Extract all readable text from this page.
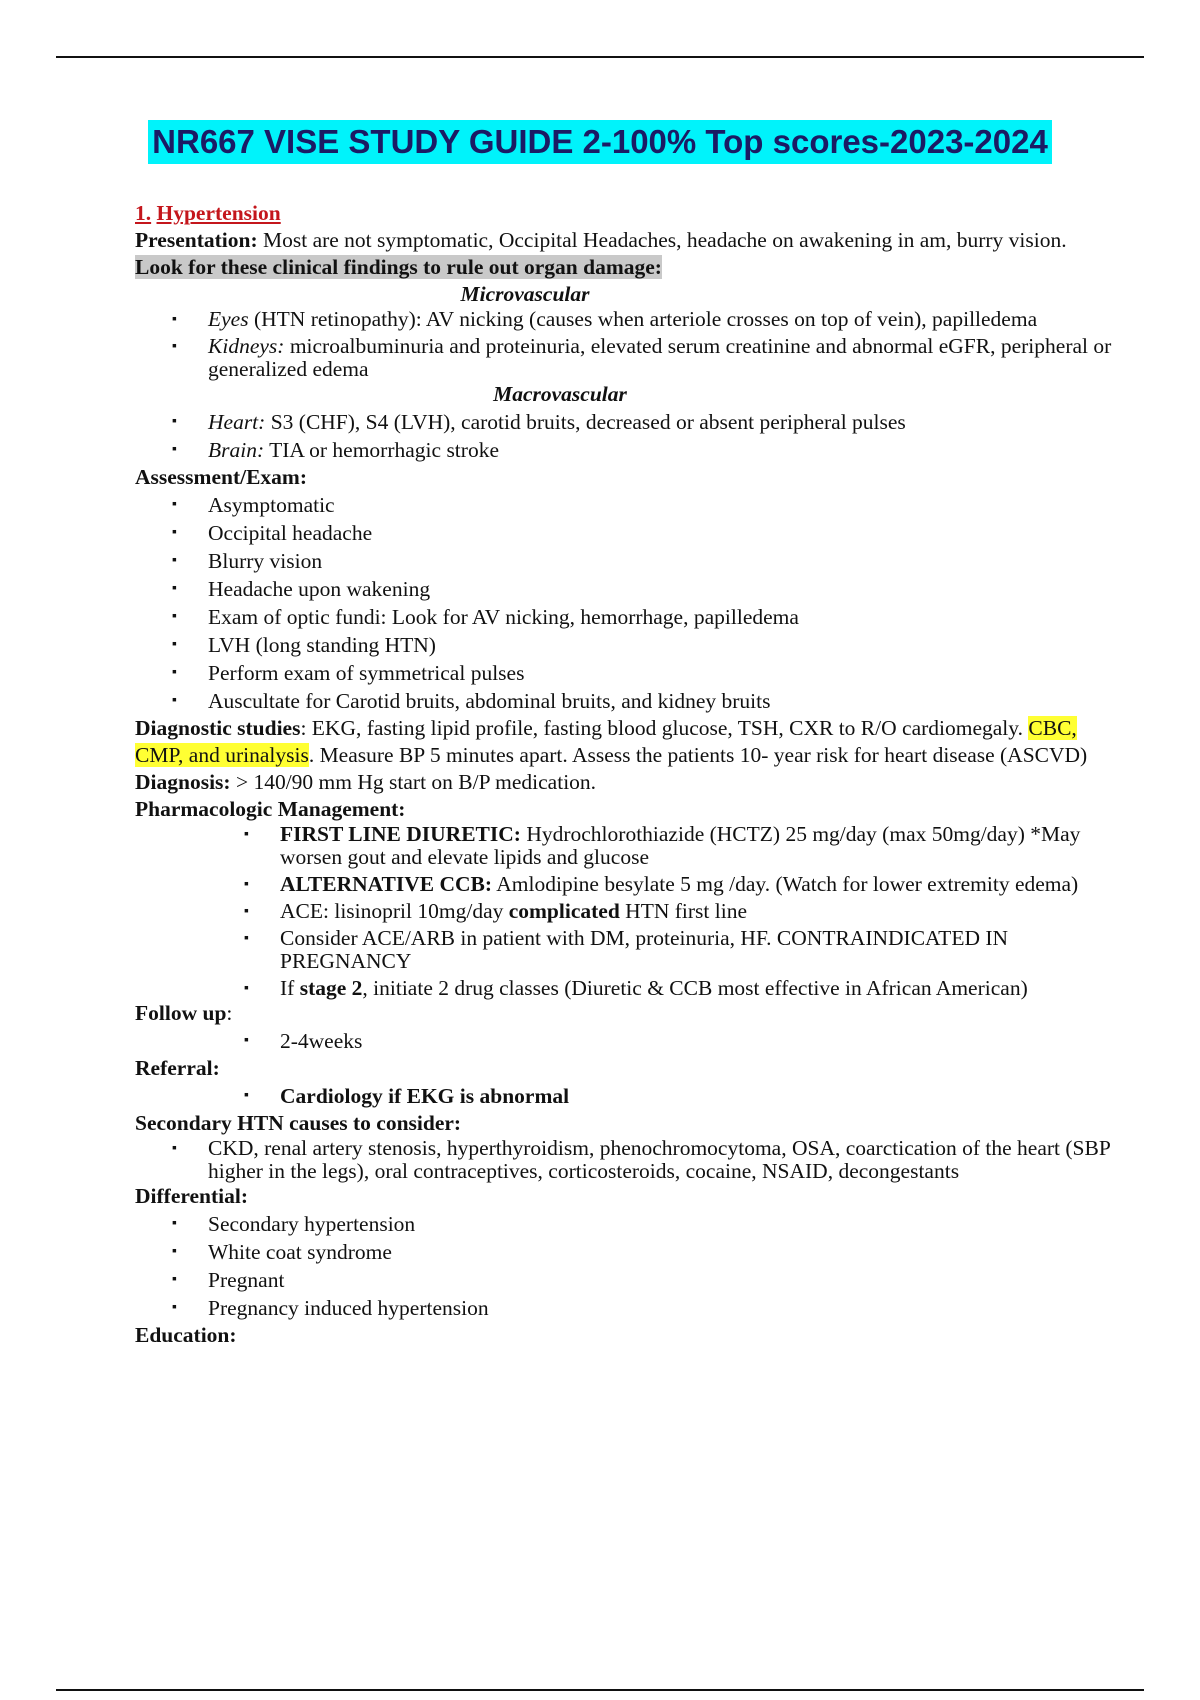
NR667 VISE STUDY GUIDE 2-100% Top scores-2023-2024

1. Hypertension

Presentation: Most are not symptomatic, Occipital Headaches, headache on awakening in am, burry vision.

Look for these clinical findings to rule out organ damage:

Microvascular

▪ Eyes (HTN retinopathy): AV nicking (causes when arteriole crosses on top of vein), papilledema
▪ Kidneys: microalbuminuria and proteinuria, elevated serum creatinine and abnormal eGFR, peripheral or generalized edema

Macrovascular

▪ Heart: S3 (CHF), S4 (LVH), carotid bruits, decreased or absent peripheral pulses
▪ Brain: TIA or hemorrhagic stroke

Assessment/Exam:

▪ Asymptomatic
▪ Occipital headache
▪ Blurry vision
▪ Headache upon wakening
▪ Exam of optic fundi: Look for AV nicking, hemorrhage, papilledema
▪ LVH (long standing HTN)
▪ Perform exam of symmetrical pulses
▪ Auscultate for Carotid bruits, abdominal bruits, and kidney bruits

Diagnostic studies: EKG, fasting lipid profile, fasting blood glucose, TSH, CXR to R/O cardiomegaly. CBC, CMP, and urinalysis. Measure BP 5 minutes apart. Assess the patients 10- year risk for heart disease (ASCVD)

Diagnosis: > 140/90 mm Hg start on B/P medication.

Pharmacologic Management:

▪ FIRST LINE DIURETIC: Hydrochlorothiazide (HCTZ) 25 mg/day (max 50mg/day) *May worsen gout and elevate lipids and glucose
▪ ALTERNATIVE CCB: Amlodipine besylate 5 mg /day. (Watch for lower extremity edema)
▪ ACE: lisinopril 10mg/day complicated HTN first line
▪ Consider ACE/ARB in patient with DM, proteinuria, HF. CONTRAINDICATED IN PREGNANCY
▪ If stage 2, initiate 2 drug classes (Diuretic & CCB most effective in African American)

Follow up:

▪ 2-4weeks

Referral:

▪ Cardiology if EKG is abnormal

Secondary HTN causes to consider:

▪ CKD, renal artery stenosis, hyperthyroidism, phenochromocytoma, OSA, coarctication of the heart (SBP higher in the legs), oral contraceptives, corticosteroids, cocaine, NSAID, decongestants

Differential:

▪ Secondary hypertension
▪ White coat syndrome
▪ Pregnant
▪ Pregnancy induced hypertension

Education:
